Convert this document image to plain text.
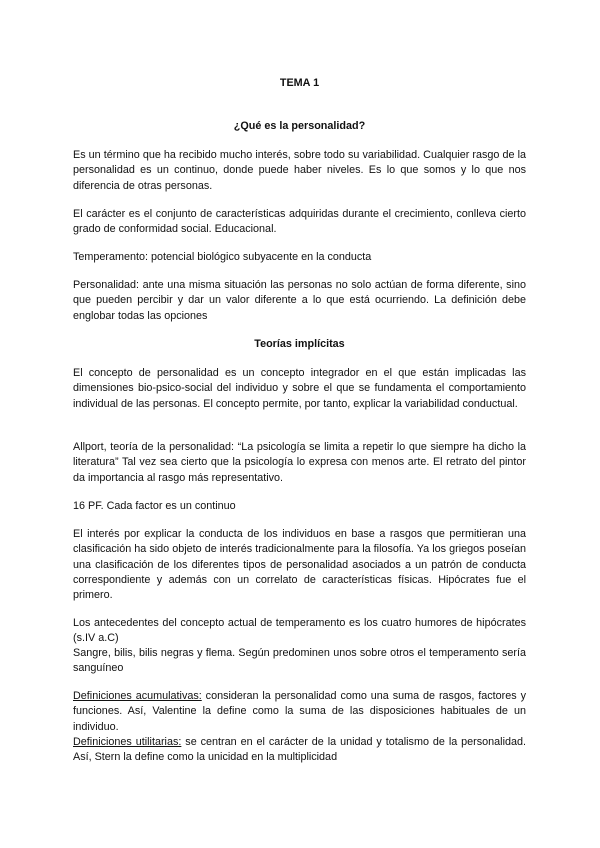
TEMA 1

¿Qué es la personalidad?

Es un término que ha recibido mucho interés, sobre todo su variabilidad. Cualquier rasgo de la personalidad es un continuo, donde puede haber niveles. Es lo que somos y lo que nos diferencia de otras personas.

El carácter es el conjunto de características adquiridas durante el crecimiento, conlleva cierto grado de conformidad social. Educacional.

Temperamento: potencial biológico subyacente en la conducta

Personalidad: ante una misma situación las personas no solo actúan de forma diferente, sino que pueden percibir y dar un valor diferente a lo que está ocurriendo. La definición debe englobar todas las opciones

Teorías implícitas

El concepto de personalidad es un concepto integrador en el que están implicadas las dimensiones bio-psico-social del individuo y sobre el que se fundamenta el comportamiento individual de las personas. El concepto permite, por tanto, explicar la variabilidad conductual.

Allport, teoría de la personalidad: “La psicología se limita a repetir lo que siempre ha dicho la literatura” Tal vez sea cierto que la psicología lo expresa con menos arte. El retrato del pintor da importancia al rasgo más representativo.

16 PF. Cada factor es un continuo

El interés por explicar la conducta de los individuos en base a rasgos que permitieran una clasificación ha sido objeto de interés tradicionalmente para la filosofía. Ya los griegos poseían una clasificación de los diferentes tipos de personalidad asociados a un patrón de conducta correspondiente y además con un correlato de características físicas. Hipócrates fue el primero.

Los antecedentes del concepto actual de temperamento es los cuatro humores de hipócrates (s.IV a.C)

Sangre, bilis, bilis negras y flema. Según predominen unos sobre otros el temperamento sería sanguíneo

Definiciones acumulativas: consideran la personalidad como una suma de rasgos, factores y funciones. Así, Valentine la define como la suma de las disposiciones habituales de un individuo.

Definiciones utilitarias: se centran en el carácter de la unidad y totalismo de la personalidad. Así, Stern la define como la unicidad en la multiplicidad
